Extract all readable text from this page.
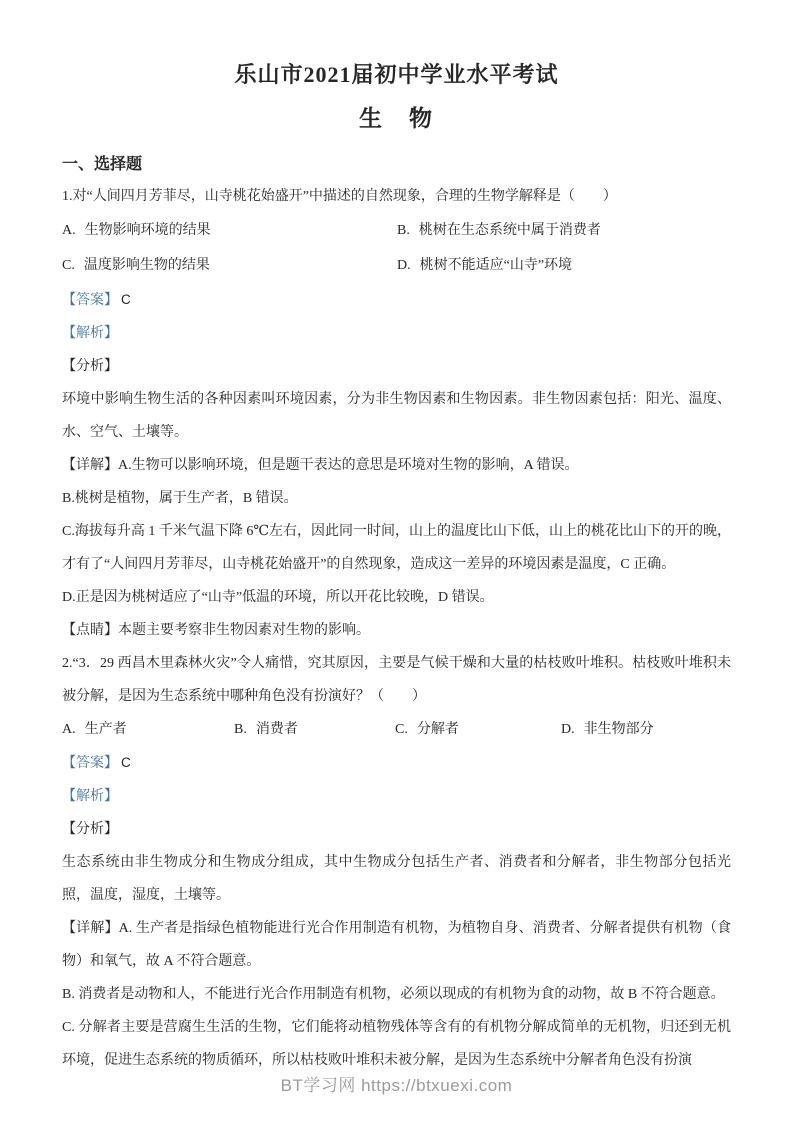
乐山市2021届初中学业水平考试
生　物
一、选择题

1.对“人间四月芳菲尽，山寺桃花始盛开”中描述的自然现象，合理的生物学解释是（　　）

A. 生物影响环境的结果	B. 桃树在生态系统中属于消费者
C. 温度影响生物的结果	D. 桃树不能适应“山寺”环境

【答案】 C

【解析】

【分析】

环境中影响生物生活的各种因素叫环境因素，分为非生物因素和生物因素。非生物因素包括：阳光、温度、水、空气、土壤等。

【详解】A.生物可以影响环境，但是题干表达的意思是环境对生物的影响，A 错误。

B.桃树是植物，属于生产者，B 错误。

C.海拔每升高 1 千米气温下降 6℃左右，因此同一时间，山上的温度比山下低，山上的桃花比山下的开的晚，才有了“人间四月芳菲尽，山寺桃花始盛开”的自然现象，造成这一差异的环境因素是温度，C 正确。

D.正是因为桃树适应了“山寺”低温的环境，所以开花比较晚，D 错误。

【点睛】本题主要考察非生物因素对生物的影响。

2.“3．29 西昌木里森林火灾”令人痛惜，究其原因，主要是气候干燥和大量的枯枝败叶堆积。枯枝败叶堆积未被分解，是因为生态系统中哪种角色没有扮演好？（　　）

A. 生产者	B. 消费者	C. 分解者	D. 非生物部分

【答案】 C

【解析】

【分析】

生态系统由非生物成分和生物成分组成，其中生物成分包括生产者、消费者和分解者，非生物部分包括光照，温度，湿度，土壤等。

【详解】A. 生产者是指绿色植物能进行光合作用制造有机物，为植物自身、消费者、分解者提供有机物（食物）和氧气，故 A 不符合题意。

B. 消费者是动物和人，不能进行光合作用制造有机物，必须以现成的有机物为食的动物，故 B 不符合题意。

C. 分解者主要是营腐生生活的生物，它们能将动植物残体等含有的有机物分解成简单的无机物，归还到无机环境，促进生态系统的物质循环，所以枯枝败叶堆积未被分解，是因为生态系统中分解者角色没有扮演

BT学习网 https://btxuexi.com
